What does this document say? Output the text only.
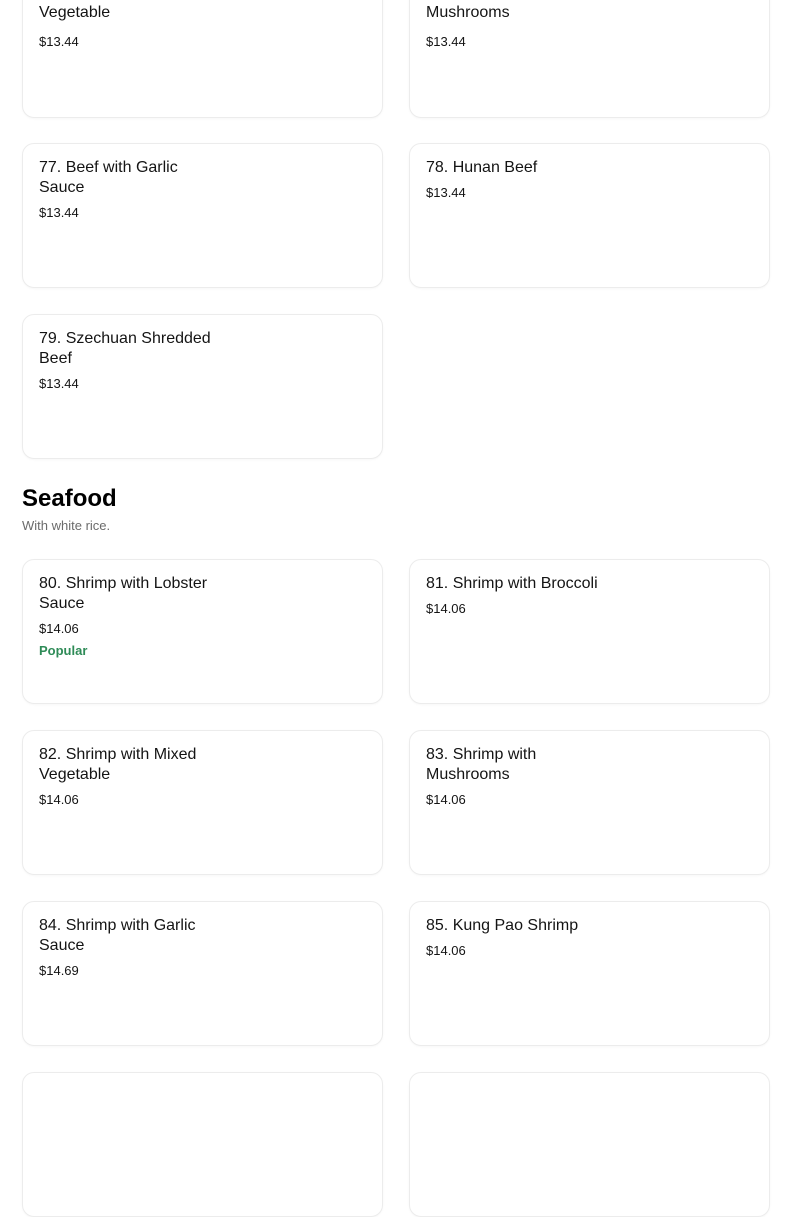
Vegetable
$13.44
Mushrooms
$13.44
77. Beef with Garlic Sauce
$13.44
78. Hunan Beef
$13.44
79. Szechuan Shredded Beef
$13.44
Seafood

With white rice.

80. Shrimp with Lobster Sauce
$14.06
Popular
81. Shrimp with Broccoli
$14.06
82. Shrimp with Mixed Vegetable
$14.06
83. Shrimp with Mushrooms
$14.06
84. Shrimp with Garlic Sauce
$14.69
85. Kung Pao Shrimp
$14.06
